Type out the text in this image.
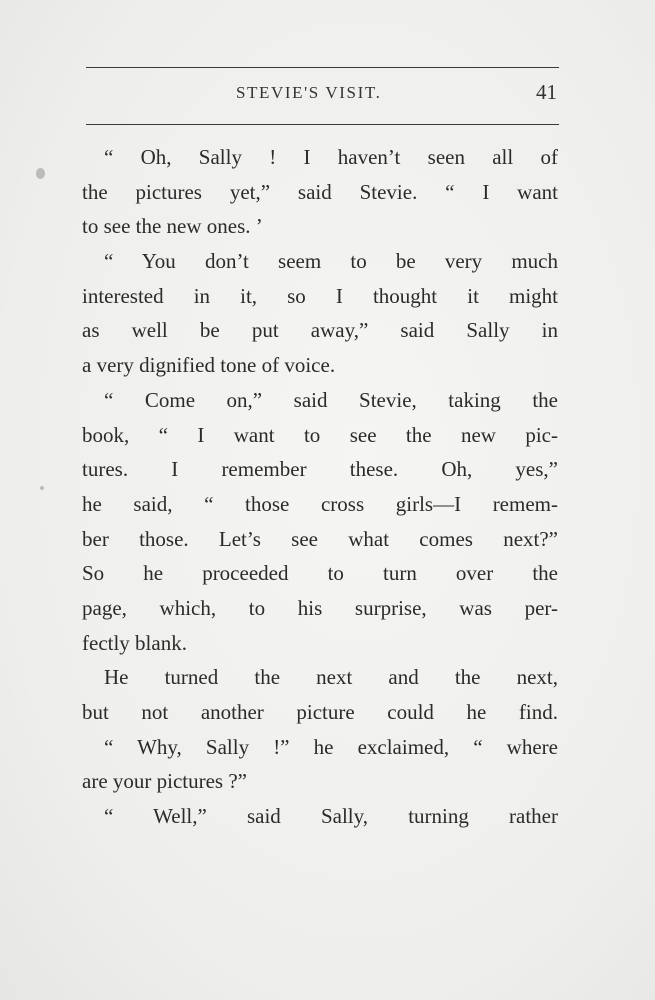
STEVIE'S VISIT.	41
“ Oh, Sally ! I haven’t seen all of
the pictures yet,” said Stevie. “ I want
to see the new ones. ’
“ You don’t seem to be very much
interested in it, so I thought it might
as well be put away,” said Sally in
a very dignified tone of voice.
“ Come on,” said Stevie, taking the
book, “ I want to see the new pic-
tures. I remember these. Oh, yes,”
he said, “ those cross girls—I remem-
ber those. Let’s see what comes next?”
So he proceeded to turn over the
page, which, to his surprise, was per-
fectly blank.
He turned the next and the next,
but not another picture could he find.
“ Why, Sally !” he exclaimed, “ where
are your pictures ?”
“ Well,” said Sally, turning rather
